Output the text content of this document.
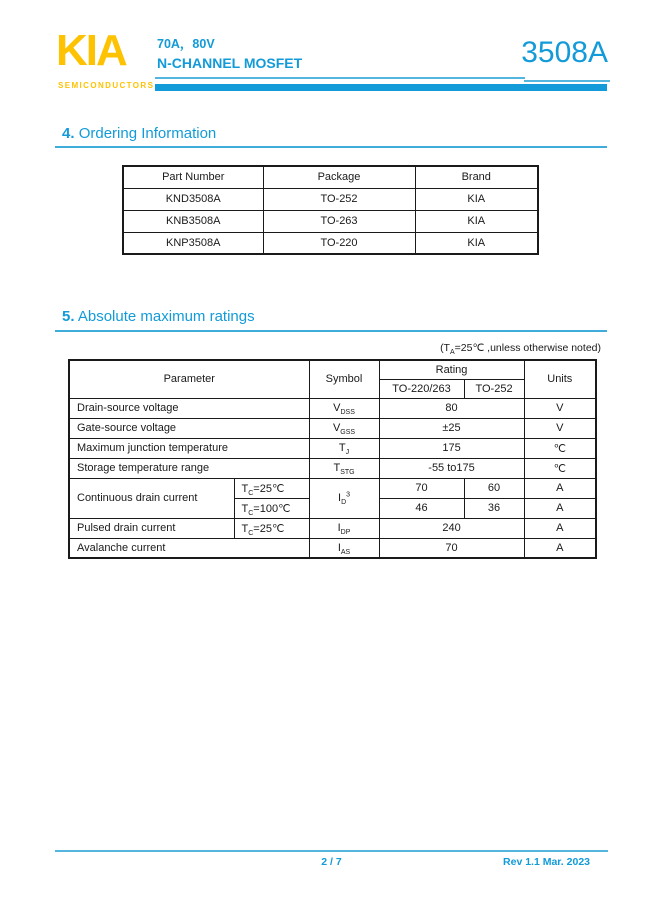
KIA
SEMICONDUCTORS
70A，80V
N-CHANNEL MOSFET	3508A
4. Ordering Information
Part Number	Package	Brand
KND3508A	TO-252	KIA
KNB3508A	TO-263	KIA
KNP3508A	TO-220	KIA
5. Absolute maximum ratings
($T_A=25℃$ ,unless otherwise noted)
Parameter		Symbol	Rating		Units
			TO-220/263	TO-252	
Drain-source voltage		$V_{DSS}$	80		V
Gate-source voltage		$V_{GSS}$	±25		V
Maximum junction temperature		$T_J$	175		℃
Storage temperature range		$T_{STG}$	-55 to175		℃
Continuous drain current	$T_C=25℃$	$I_D^3$	70	60	A
	$T_C=100℃$		46	36	A
Pulsed drain current	$T_C=25℃$	$I_{DP}$	240		A
Avalanche current		$I_{AS}$	70		A
2 / 7	Rev 1.1 Mar. 2023
